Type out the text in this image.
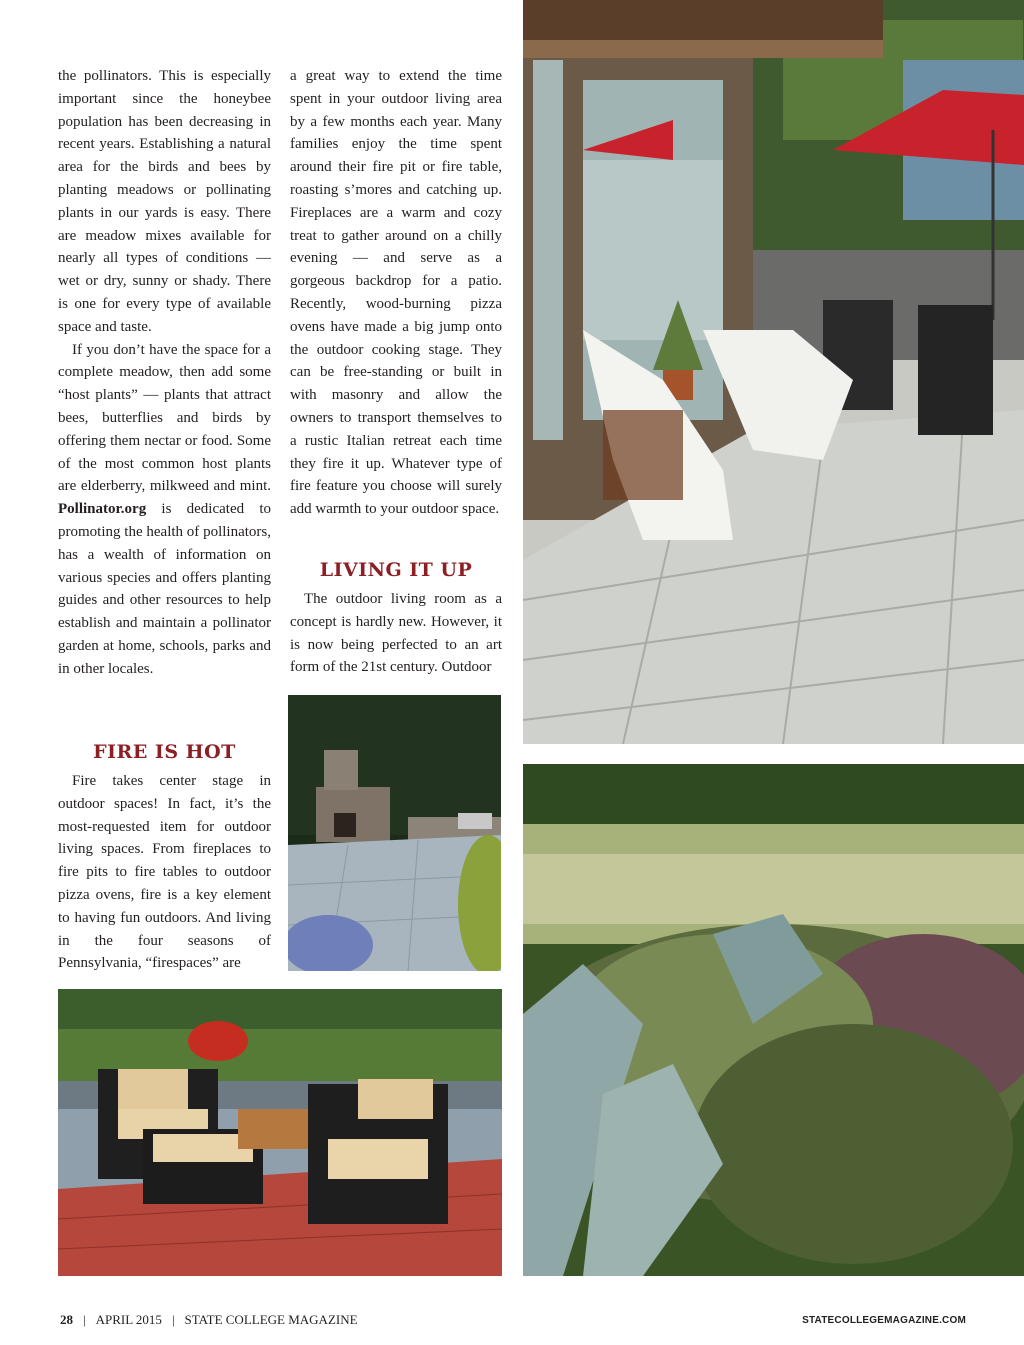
the pollinators. This is especially important since the honeybee population has been decreasing in recent years. Establishing a natural area for the birds and bees by planting meadows or pollinating plants in our yards is easy. There are meadow mixes available for nearly all types of conditions — wet or dry, sunny or shady. There is one for every type of available space and taste.

If you don’t have the space for a complete meadow, then add some “host plants” — plants that attract bees, butterflies and birds by offering them nectar or food. Some of the most common host plants are elderberry, milkweed and mint. Pollinator.org is dedicated to promoting the health of pollinators, has a wealth of information on various species and offers planting guides and other resources to help establish and maintain a pollinator garden at home, schools, parks and in other locales.

FIRE IS HOT

Fire takes center stage in outdoor spaces! In fact, it’s the most-requested item for outdoor living spaces. From fireplaces to fire pits to fire tables to outdoor pizza ovens, fire is a key element to having fun outdoors. And living in the four seasons of Pennsylvania, “firespaces” are

a great way to extend the time spent in your outdoor living area by a few months each year. Many families enjoy the time spent around their fire pit or fire table, roasting s’mores and catching up. Fireplaces are a warm and cozy treat to gather around on a chilly evening — and serve as a gorgeous backdrop for a patio. Recently, wood-burning pizza ovens have made a big jump onto the outdoor cooking stage. They can be free-standing or built in with masonry and allow the owners to transport themselves to a rustic Italian retreat each time they fire it up. Whatever type of fire feature you choose will surely add warmth to your outdoor space.

LIVING IT UP

The outdoor living room as a concept is hardly new. However, it is now being perfected to an art form of the 21st century. Outdoor

28 | APRIL 2015 | STATE COLLEGE MAGAZINE	STATECOLLEGEMAGAZINE.COM
